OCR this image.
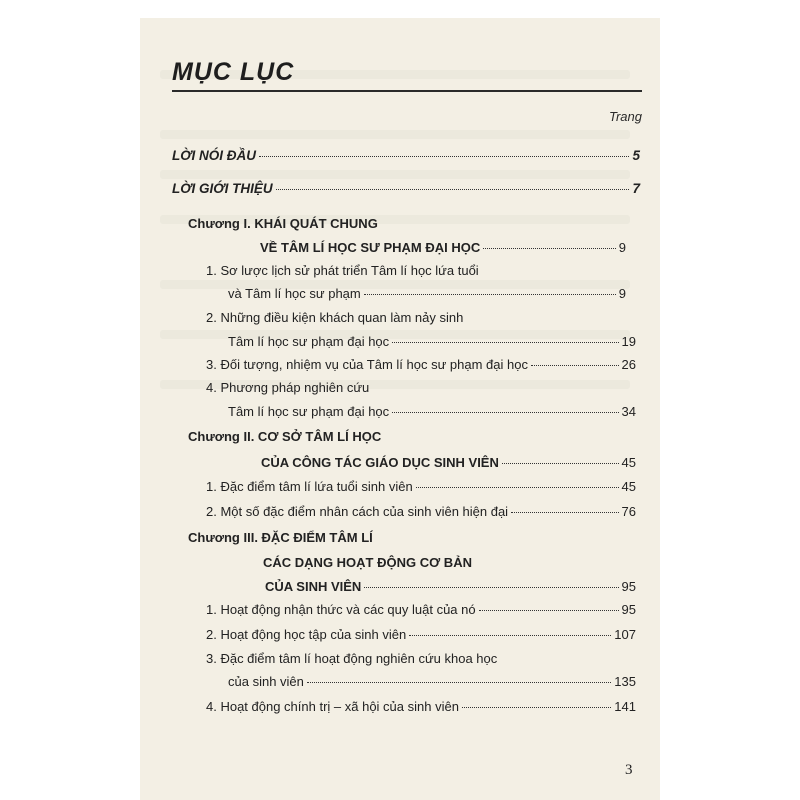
MỤC LỤC
Trang
LỜI NÓI ĐẦU	5
LỜI GIỚI THIỆU	7
Chương I. KHÁI QUÁT CHUNG
VỀ TÂM LÍ HỌC SƯ PHẠM ĐẠI HỌC	9
1. Sơ lược lịch sử phát triển Tâm lí học lứa tuổi
và Tâm lí học sư phạm	9
2. Những điều kiện khách quan làm nảy sinh
Tâm lí học sư phạm đại học	19
3. Đối tượng, nhiệm vụ của Tâm lí học sư phạm đại học	26
4. Phương pháp nghiên cứu
Tâm lí học sư phạm đại học	34
Chương II. CƠ SỞ TÂM LÍ HỌC
CỦA CÔNG TÁC GIÁO DỤC SINH VIÊN	45
1. Đặc điểm tâm lí lứa tuổi sinh viên	45
2. Một số đặc điểm nhân cách của sinh viên hiện đại	76
Chương III. ĐẶC ĐIỂM TÂM LÍ
CÁC DẠNG HOẠT ĐỘNG CƠ BẢN
CỦA SINH VIÊN	95
1. Hoạt động nhận thức và các quy luật của nó	95
2. Hoạt động học tập của sinh viên	107
3. Đặc điểm tâm lí hoạt động nghiên cứu khoa học
của sinh viên	135
4. Hoạt động chính trị – xã hội của sinh viên	141
3
